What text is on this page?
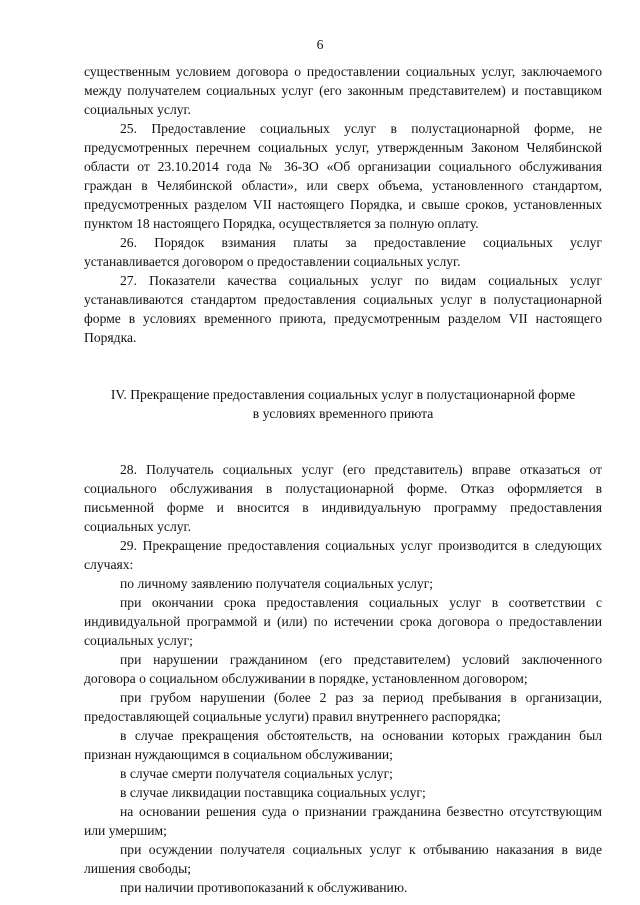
6

существенным условием договора о предоставлении социальных услуг, заключаемого между получателем социальных услуг (его законным представителем) и поставщиком социальных услуг.

25. Предоставление социальных услуг в полустационарной форме, не предусмотренных перечнем социальных услуг, утвержденным Законом Челябинской области от 23.10.2014 года № 36-ЗО «Об организации социального обслуживания граждан в Челябинской области», или сверх объема, установленного стандартом, предусмотренных разделом VII настоящего Порядка, и свыше сроков, установленных пунктом 18 настоящего Порядка, осуществляется за полную оплату.

26. Порядок взимания платы за предоставление социальных услуг устанавливается договором о предоставлении социальных услуг.

27. Показатели качества социальных услуг по видам социальных услуг устанавливаются стандартом предоставления социальных услуг в полустационарной форме в условиях временного приюта, предусмотренным разделом VII настоящего Порядка.

IV. Прекращение предоставления социальных услуг в полустационарной форме
в условиях временного приюта

28. Получатель социальных услуг (его представитель) вправе отказаться от социального обслуживания в полустационарной форме. Отказ оформляется в письменной форме и вносится в индивидуальную программу предоставления социальных услуг.

29. Прекращение предоставления социальных услуг производится в следующих случаях:

по личному заявлению получателя социальных услуг;

при окончании срока предоставления социальных услуг в соответствии с индивидуальной программой и (или) по истечении срока договора о предоставлении социальных услуг;

при нарушении гражданином (его представителем) условий заключенного договора о социальном обслуживании в порядке, установленном договором;

при грубом нарушении (более 2 раз за период пребывания в организации, предоставляющей социальные услуги) правил внутреннего распорядка;

в случае прекращения обстоятельств, на основании которых гражданин был признан нуждающимся в социальном обслуживании;

в случае смерти получателя социальных услуг;

в случае ликвидации поставщика социальных услуг;

на основании решения суда о признании гражданина безвестно отсутствующим или умершим;

при осуждении получателя социальных услуг к отбыванию наказания в виде лишения свободы;

при наличии противопоказаний к обслуживанию.
